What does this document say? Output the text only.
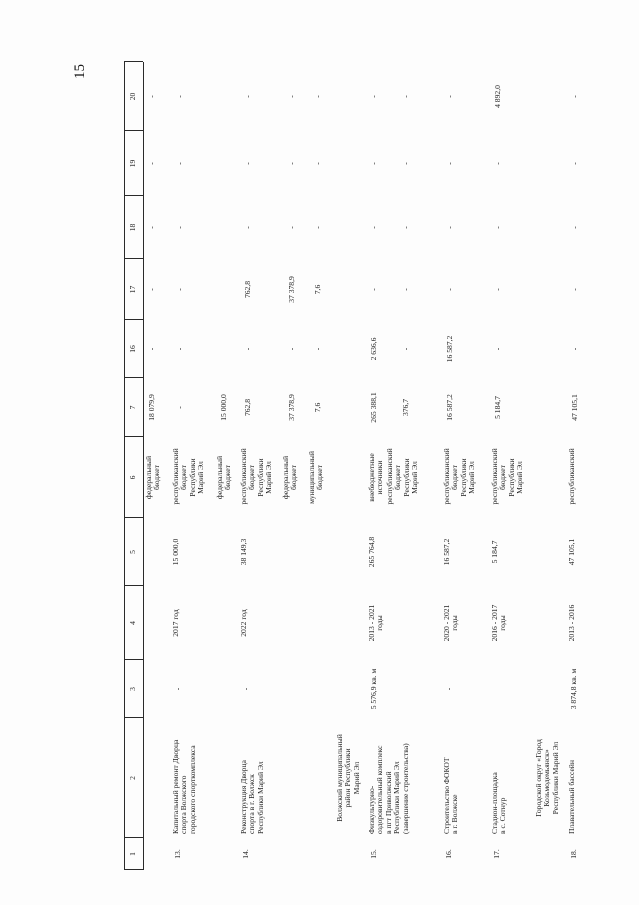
15
1
2
3
4
5
6
7
16
17
18
19
20
федеральный
бюджет
18 079,9
-
-
-
-
-
13.
Капитальный ремонт Дворца
спорта Волжского
городского спорткомплекса
-
2017 год
15 000,0
республиканский
бюджет
Республики
Марий Эл
-
-
-
-
-
-
федеральный
бюджет
15 000,0
14.
Реконструкция Дворца
спорта в г. Волжск
Республики Марий Эл
-
2022 год
38 149,3
республиканский
бюджет
Республики
Марий Эл
762,8
-
762,8
-
-
-
федеральный
бюджет
37 378,9
-
37 378,9
-
-
-
муниципальный
бюджет
7,6
-
7,6
-
-
-
Волжский муниципальный
район Республики
Марий Эл
15.
Физкультурно-
оздоровительный комплекс
в пгт Приволжский
Республики Марий Эл
(завершение строительства)
5 576,9 кв. м
2013 - 2021
годы
265 764,8
внебюджетные
источники
265 388,1
2 636,6
-
-
-
-
республиканский
бюджет
Республики
Марий Эл
376,7
-
-
-
-
-
16.
Строительство ФОКОТ
в г. Волжске
-
2020 - 2021
годы
16 587,2
республиканский
бюджет
Республики
Марий Эл
16 587,2
16 587,2
-
-
-
-
17.
Стадион-площадка
в с. Сотнур
2016 - 2017
годы
5 184,7
республиканский
бюджет
Республики
Марий Эл
5 184,7
-
-
-
-
4 892,0
Городской округ «Город
Козьмодемьянск»
Республики Марий Эл
18.
Плавательный бассейн
3 874,8 кв. м
2013 - 2016
47 105,1
республиканский
47 105,1
-
-
-
-
-
